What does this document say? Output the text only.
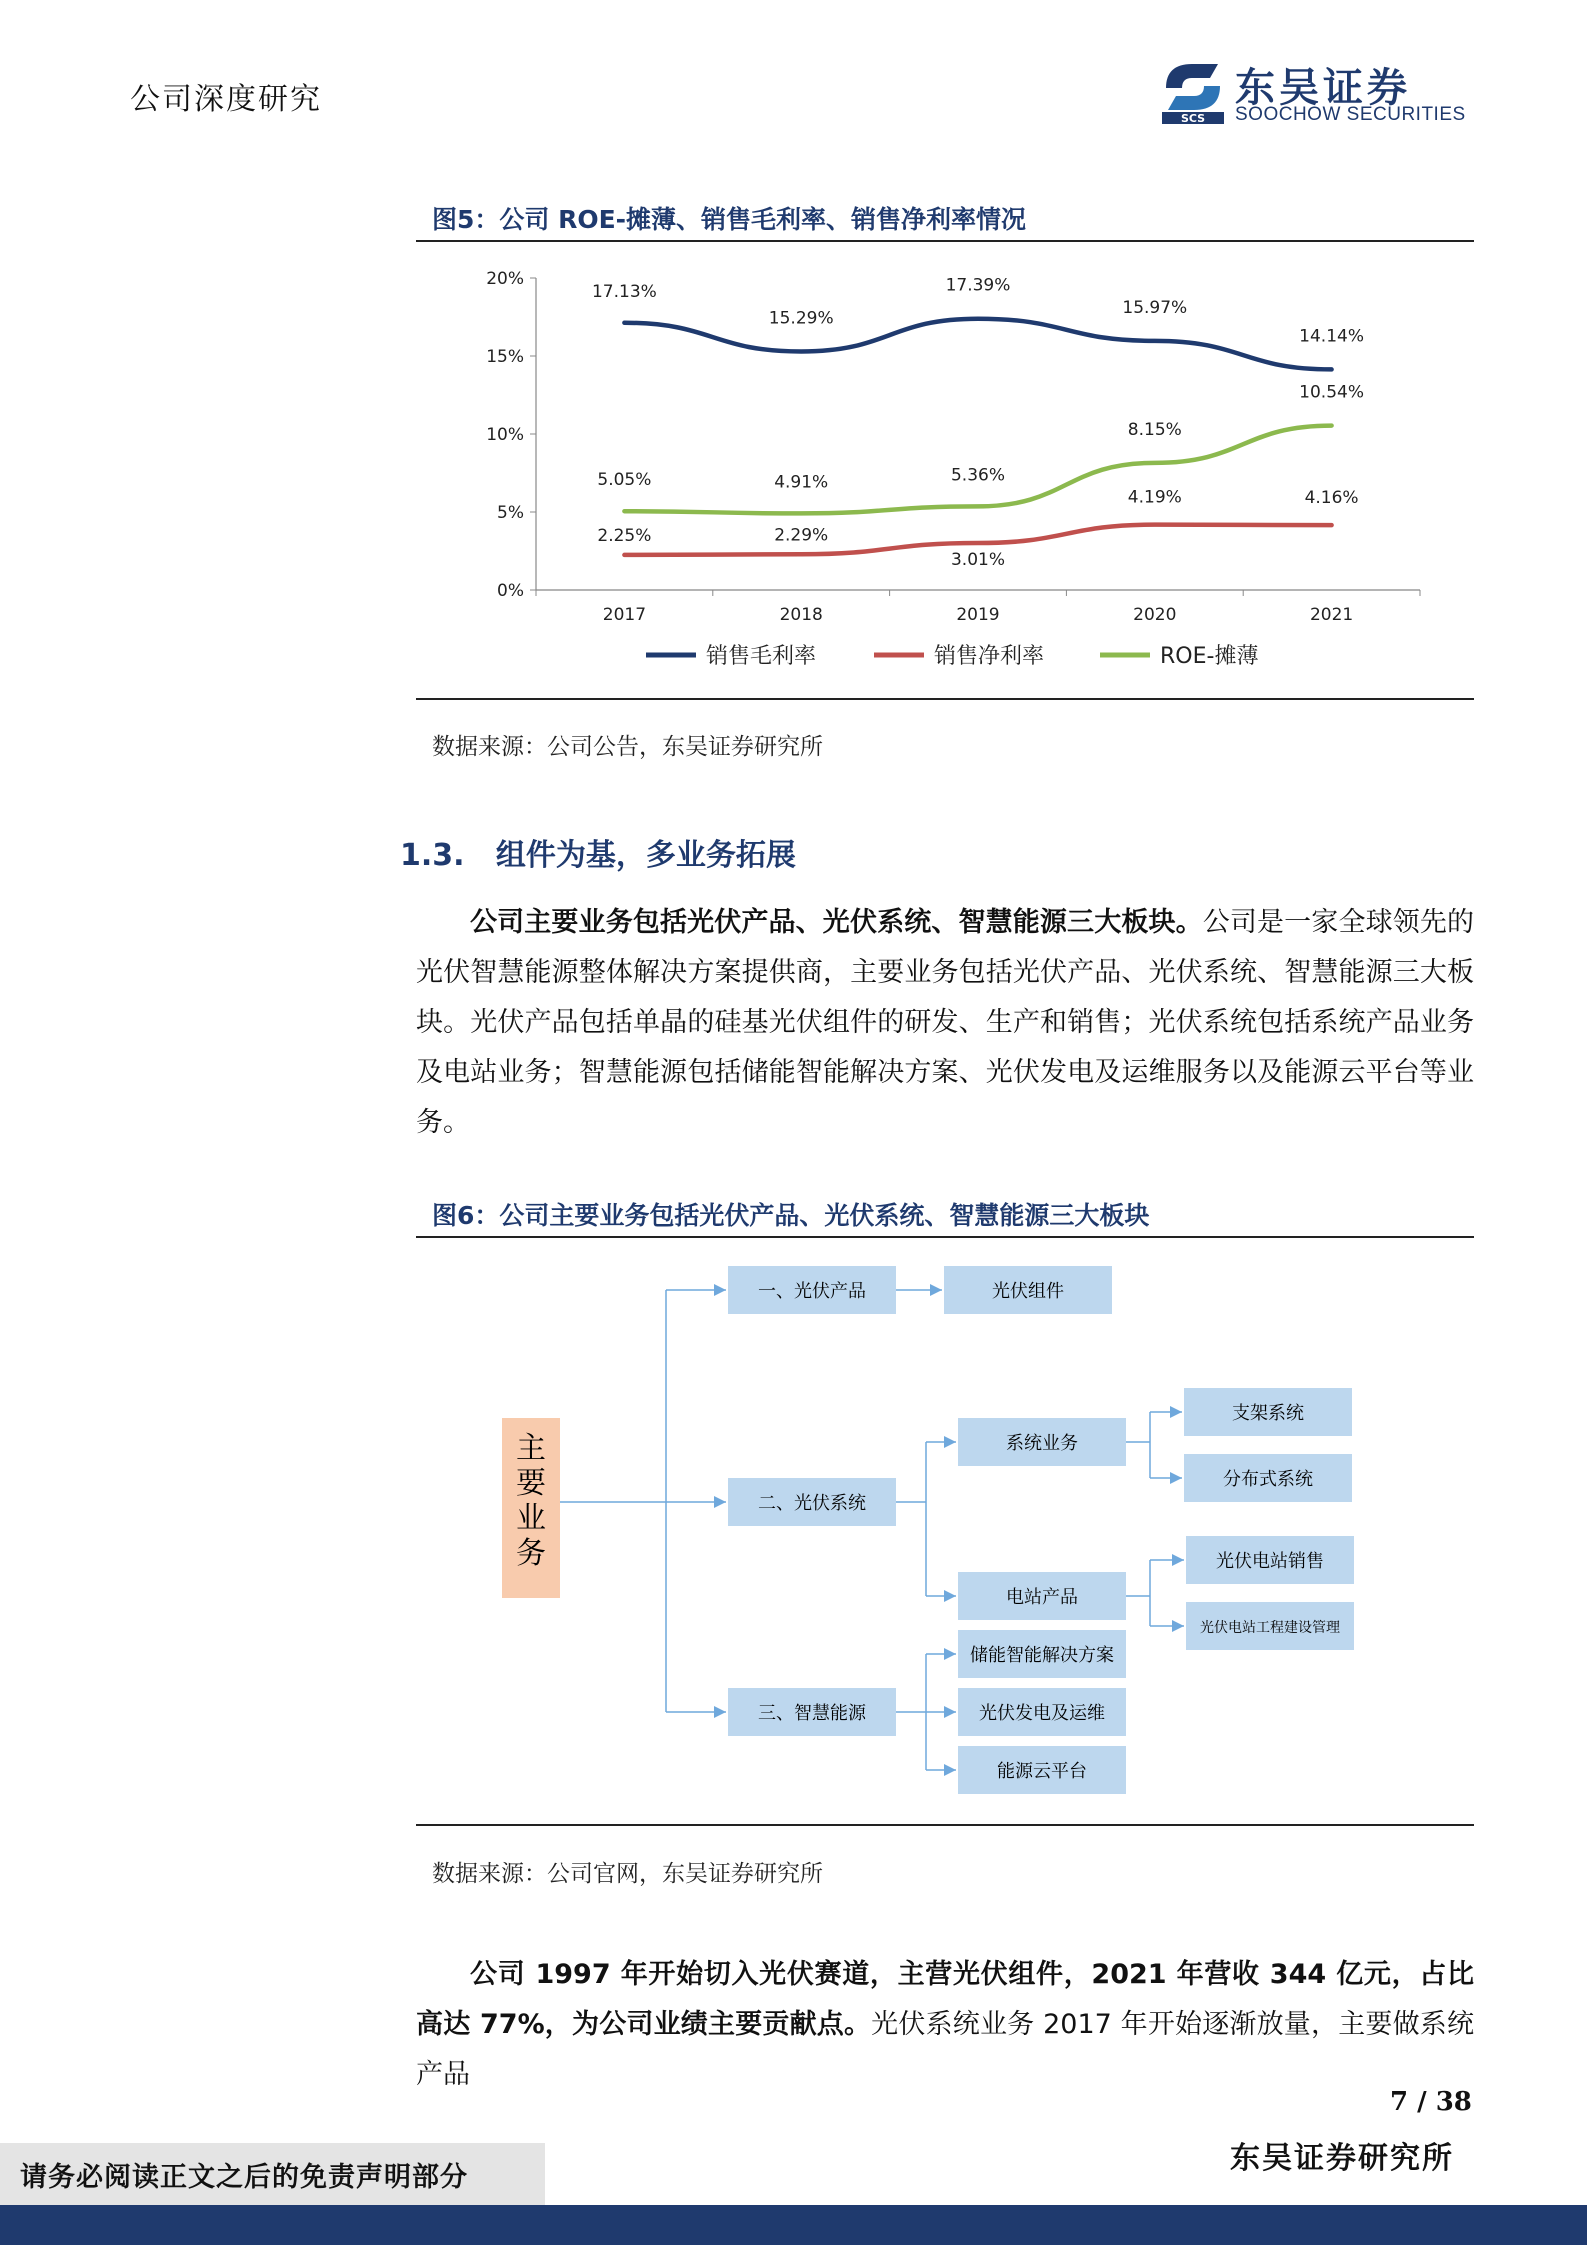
公司深度研究
SCS
东吴证券
SOOCHOW SECURITIES
图5：公司 ROE-摊薄、销售毛利率、销售净利率情况
0%
5%
10%
15%
20%
2017	2018	2019	2020	2021
17.13%
15.29%
17.39%
15.97%
14.14%
2.25%	2.29%
3.01%
4.19%	4.16%
5.05%	4.91%	5.36%
8.15%
10.54%
销售毛利率	销售净利率	ROE-摊薄
数据来源：公司公告，东吴证券研究所
1.3. 组件为基，多业务拓展
公司主要业务包括光伏产品、光伏系统、智慧能源三大板块。公司是一家全球领先的光伏智慧能源整体解决方案提供商，主要业务包括光伏产品、光伏系统、智慧能源三大板块。光伏产品包括单晶的硅基光伏组件的研发、生产和销售；光伏系统包括系统产品业务及电站业务；智慧能源包括储能智能解决方案、光伏发电及运维服务以及能源云平台等业务。
图6：公司主要业务包括光伏产品、光伏系统、智慧能源三大板块
主
要
业
务
一、光伏产品
二、光伏系统
三、智慧能源
光伏组件
系统业务
电站产品
储能智能解决方案
光伏发电及运维
能源云平台
支架系统
分布式系统
光伏电站销售
光伏电站工程建设管理
数据来源：公司官网，东吴证券研究所
公司 1997 年开始切入光伏赛道，主营光伏组件，2021 年营收 344 亿元，占比高达 77%，为公司业绩主要贡献点。光伏系统业务 2017 年开始逐渐放量，主要做系统产品
7 / 38
请务必阅读正文之后的免责声明部分
东吴证券研究所
